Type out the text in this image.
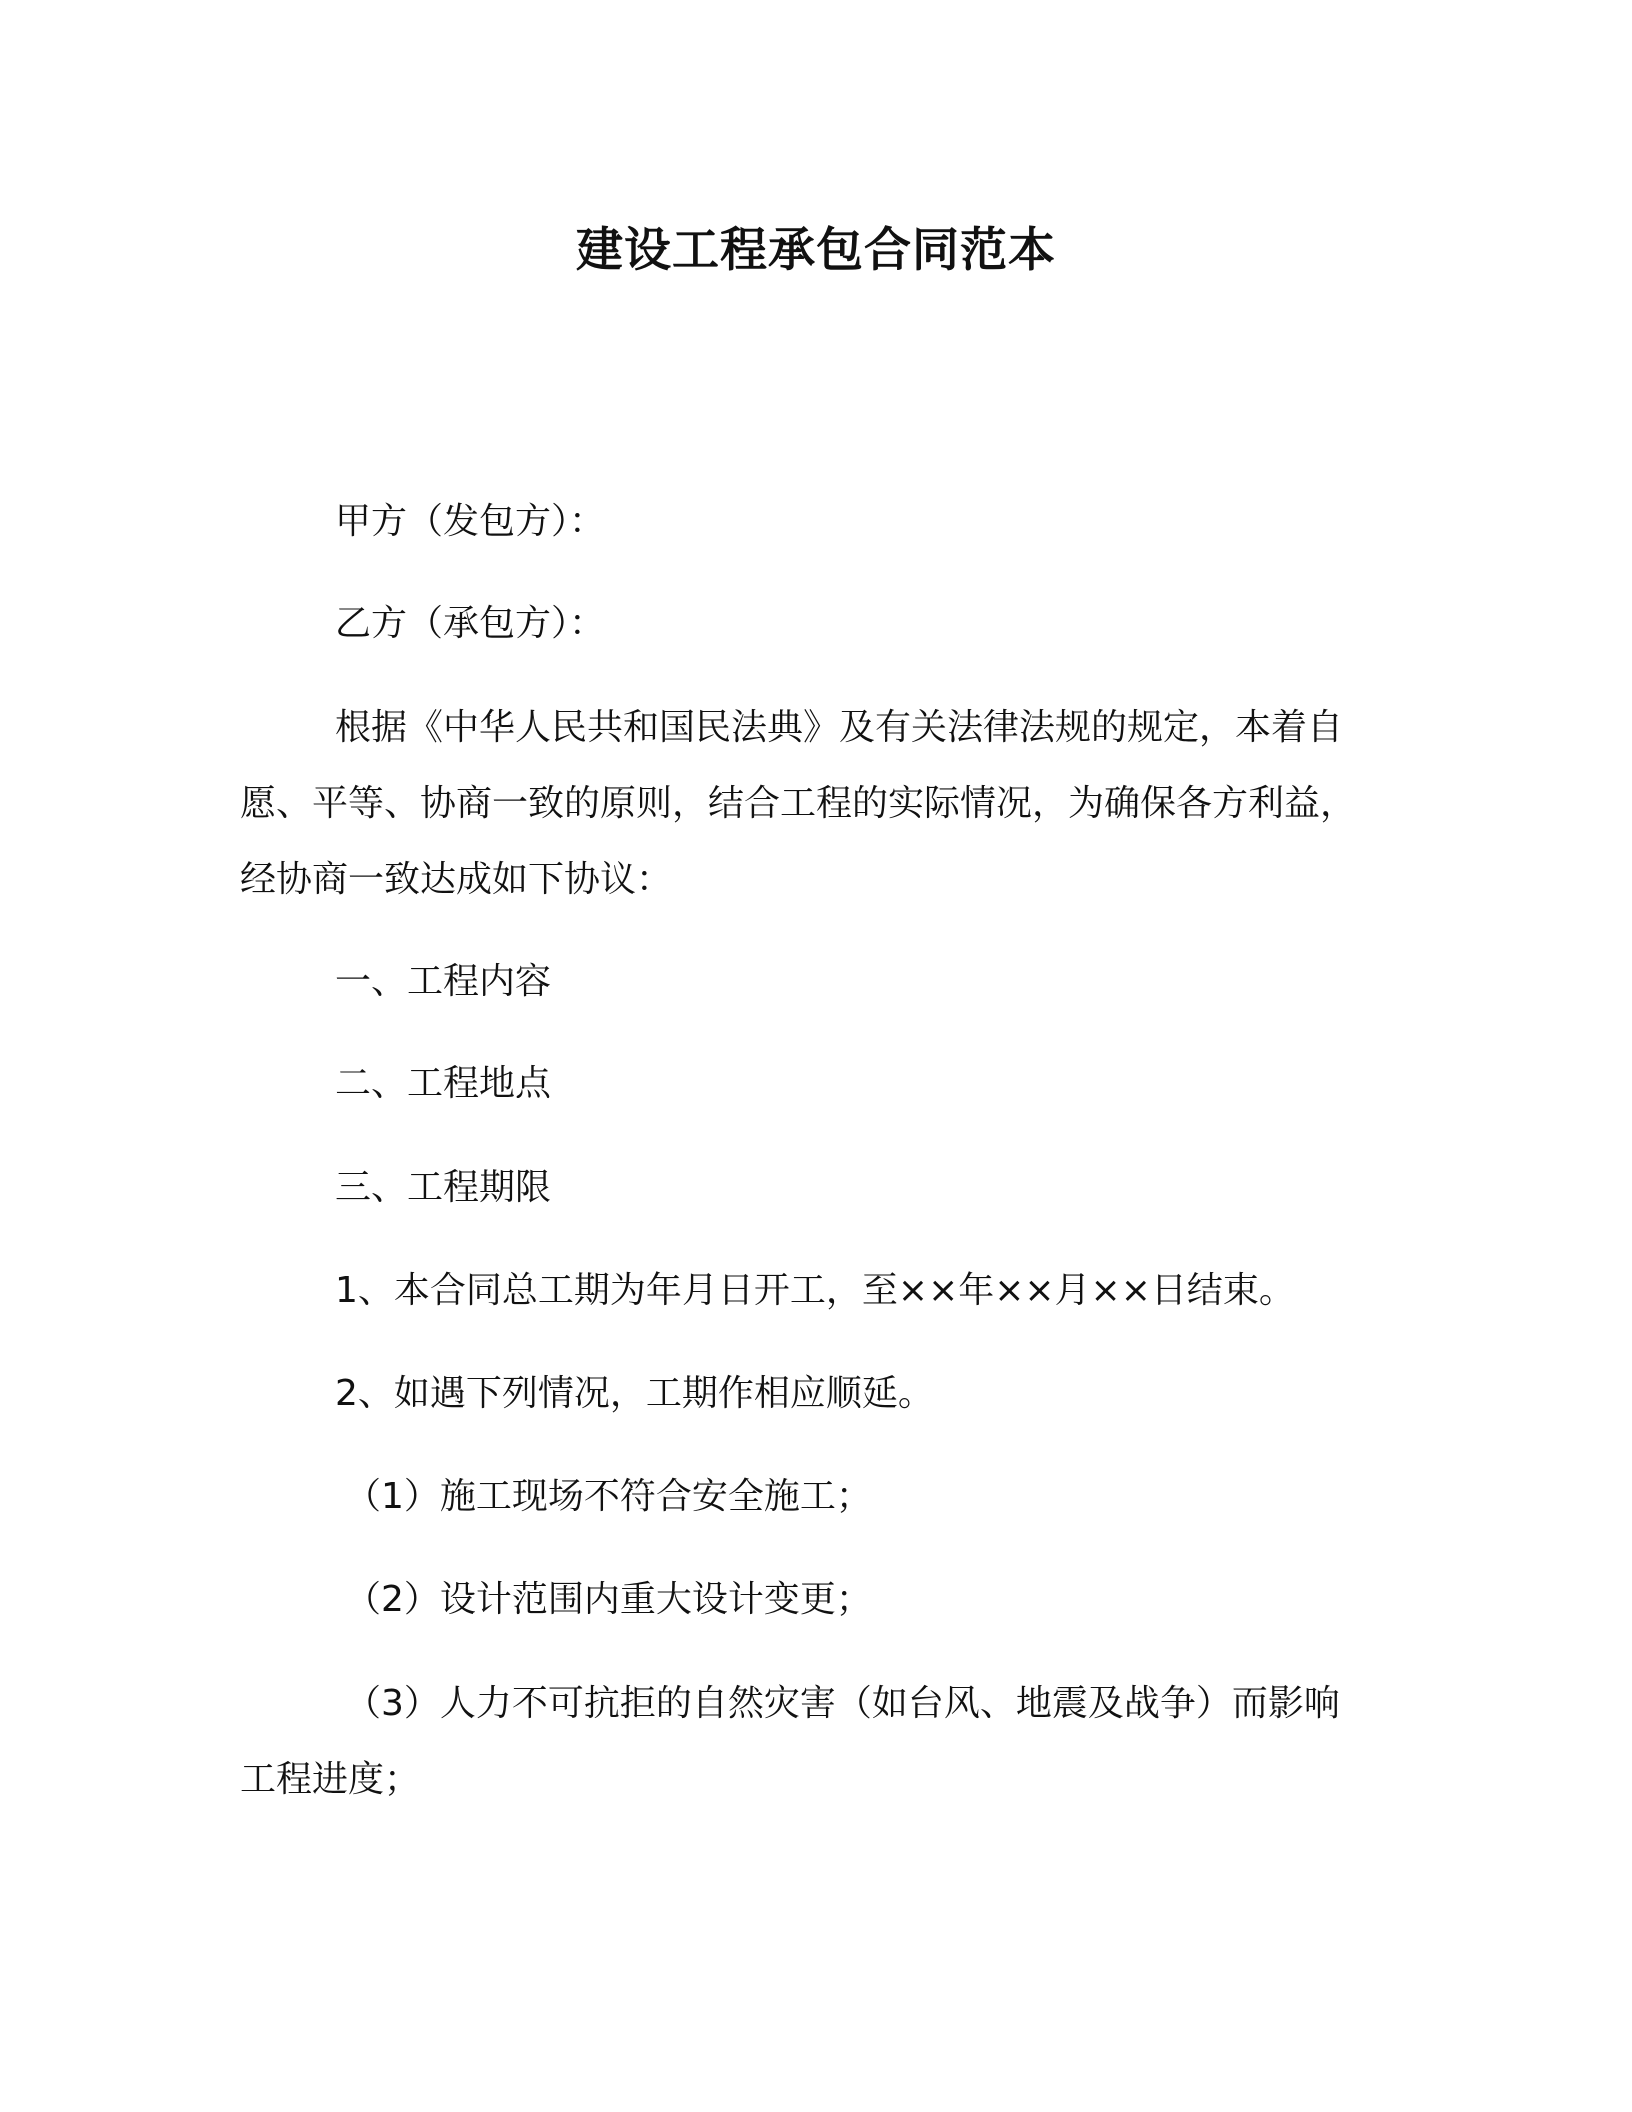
建设工程承包合同范本
甲方（发包方）：
乙方（承包方）：
根据《中华人民共和国民法典》及有关法律法规的规定，本着自
愿、平等、协商一致的原则，结合工程的实际情况，为确保各方利益，
经协商一致达成如下协议：
一、工程内容
二、工程地点
三、工程期限
1、本合同总工期为年月日开工，至××年××月××日结束。
2、如遇下列情况，工期作相应顺延。
（1）施工现场不符合安全施工；
（2）设计范围内重大设计变更；
（3）人力不可抗拒的自然灾害（如台风、地震及战争）而影响
工程进度；
